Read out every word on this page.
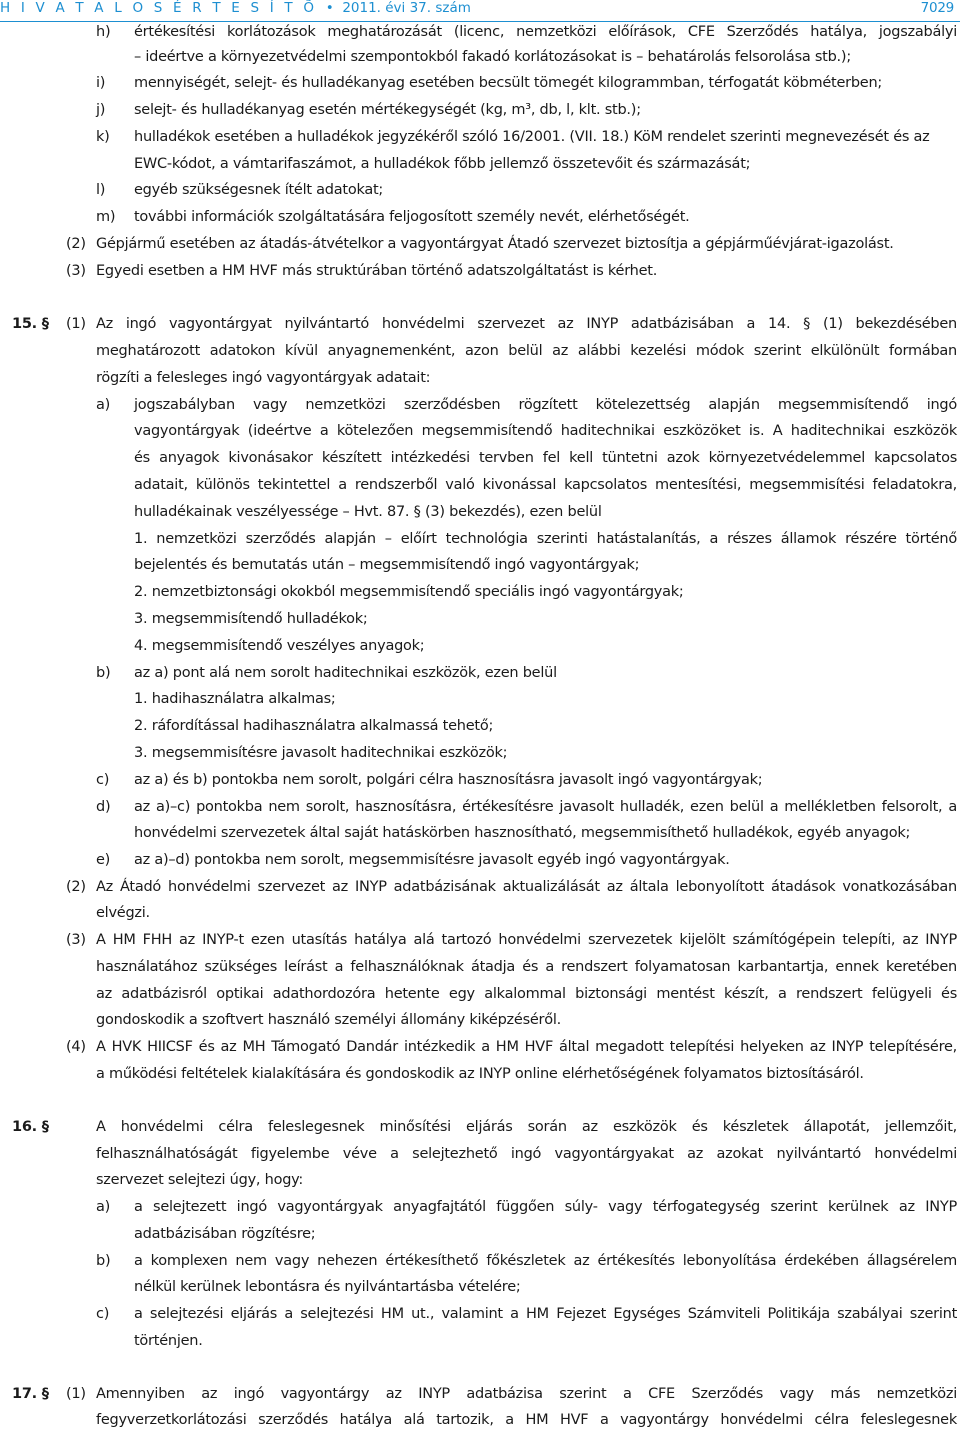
H I V A T A L O S É R T E S Í T Õ  •  2011. évi 37. szám	7029
h) értékesítési korlátozások meghatározását (licenc, nemzetközi előírások, CFE Szerződés hatálya, jogszabályi
– ideértve a környezetvédelmi szempontokból fakadó korlátozásokat is – behatárolás felsorolása stb.);
i) mennyiségét, selejt- és hulladékanyag esetében becsült tömegét kilogrammban, térfogatát köbméterben;
j) selejt- és hulladékanyag esetén mértékegységét (kg, m³, db, l, klt. stb.);
k) hulladékok esetében a hulladékok jegyzékéről szóló 16/2001. (VII. 18.) KöM rendelet szerinti megnevezését és az
EWC-kódot, a vámtarifaszámot, a hulladékok főbb jellemző összetevőit és származását;
l) egyéb szükségesnek ítélt adatokat;
m) további információk szolgáltatására feljogosított személy nevét, elérhetőségét.
(2) Gépjármű esetében az átadás-átvételkor a vagyontárgyat Átadó szervezet biztosítja a gépjárműévjárat-igazolást.
(3) Egyedi esetben a HM HVF más struktúrában történő adatszolgáltatást is kérhet.
15. § (1) Az ingó vagyontárgyat nyilvántartó honvédelmi szervezet az INYP adatbázisában a 14. § (1) bekezdésében
meghatározott adatokon kívül anyagnemenként, azon belül az alábbi kezelési módok szerint elkülönült formában
rögzíti a felesleges ingó vagyontárgyak adatait:
a) jogszabályban vagy nemzetközi szerződésben rögzített kötelezettség alapján megsemmisítendő ingó
vagyontárgyak (ideértve a kötelezően megsemmisítendő haditechnikai eszközöket is. A haditechnikai eszközök
és anyagok kivonásakor készített intézkedési tervben fel kell tüntetni azok környezetvédelemmel kapcsolatos
adatait, különös tekintettel a rendszerből való kivonással kapcsolatos mentesítési, megsemmisítési feladatokra,
hulladékainak veszélyessége – Hvt. 87. § (3) bekezdés), ezen belül
1. nemzetközi szerződés alapján – előírt technológia szerinti hatástalanítás, a részes államok részére történő
bejelentés és bemutatás után – megsemmisítendő ingó vagyontárgyak;
2. nemzetbiztonsági okokból megsemmisítendő speciális ingó vagyontárgyak;
3. megsemmisítendő hulladékok;
4. megsemmisítendő veszélyes anyagok;
b) az a) pont alá nem sorolt haditechnikai eszközök, ezen belül
1. hadihasználatra alkalmas;
2. ráfordítással hadihasználatra alkalmassá tehető;
3. megsemmisítésre javasolt haditechnikai eszközök;
c) az a) és b) pontokba nem sorolt, polgári célra hasznosításra javasolt ingó vagyontárgyak;
d) az a)–c) pontokba nem sorolt, hasznosításra, értékesítésre javasolt hulladék, ezen belül a mellékletben felsorolt, a
honvédelmi szervezetek által saját hatáskörben hasznosítható, megsemmisíthető hulladékok, egyéb anyagok;
e) az a)–d) pontokba nem sorolt, megsemmisítésre javasolt egyéb ingó vagyontárgyak.
(2) Az Átadó honvédelmi szervezet az INYP adatbázisának aktualizálását az általa lebonyolított átadások vonatkozásában
elvégzi.
(3) A HM FHH az INYP-t ezen utasítás hatálya alá tartozó honvédelmi szervezetek kijelölt számítógépein telepíti, az INYP
használatához szükséges leírást a felhasználóknak átadja és a rendszert folyamatosan karbantartja, ennek keretében
az adatbázisról optikai adathordozóra hetente egy alkalommal biztonsági mentést készít, a rendszert felügyeli és
gondoskodik a szoftvert használó személyi állomány kiképzéséről.
(4) A HVK HIICSF és az MH Támogató Dandár intézkedik a HM HVF által megadott telepítési helyeken az INYP telepítésére,
a működési feltételek kialakítására és gondoskodik az INYP online elérhetőségének folyamatos biztosításáról.
16. §	A honvédelmi célra feleslegesnek minősítési eljárás során az eszközök és készletek állapotát, jellemzőit,
felhasználhatóságát figyelembe véve a selejtezhető ingó vagyontárgyakat az azokat nyilvántartó honvédelmi
szervezet selejtezi úgy, hogy:
a) a selejtezett ingó vagyontárgyak anyagfajtától függően súly- vagy térfogategység szerint kerülnek az INYP
adatbázisában rögzítésre;
b) a komplexen nem vagy nehezen értékesíthető főkészletek az értékesítés lebonyolítása érdekében állagsérelem
nélkül kerülnek lebontásra és nyilvántartásba vételére;
c) a selejtezési eljárás a selejtezési HM ut., valamint a HM Fejezet Egységes Számviteli Politikája szabályai szerint
történjen.
17. § (1) Amennyiben az ingó vagyontárgy az INYP adatbázisa szerint a CFE Szerződés vagy más nemzetközi
fegyverzetkorlátozási szerződés hatálya alá tartozik, a HM HVF a vagyontárgy honvédelmi célra feleslegesnek
